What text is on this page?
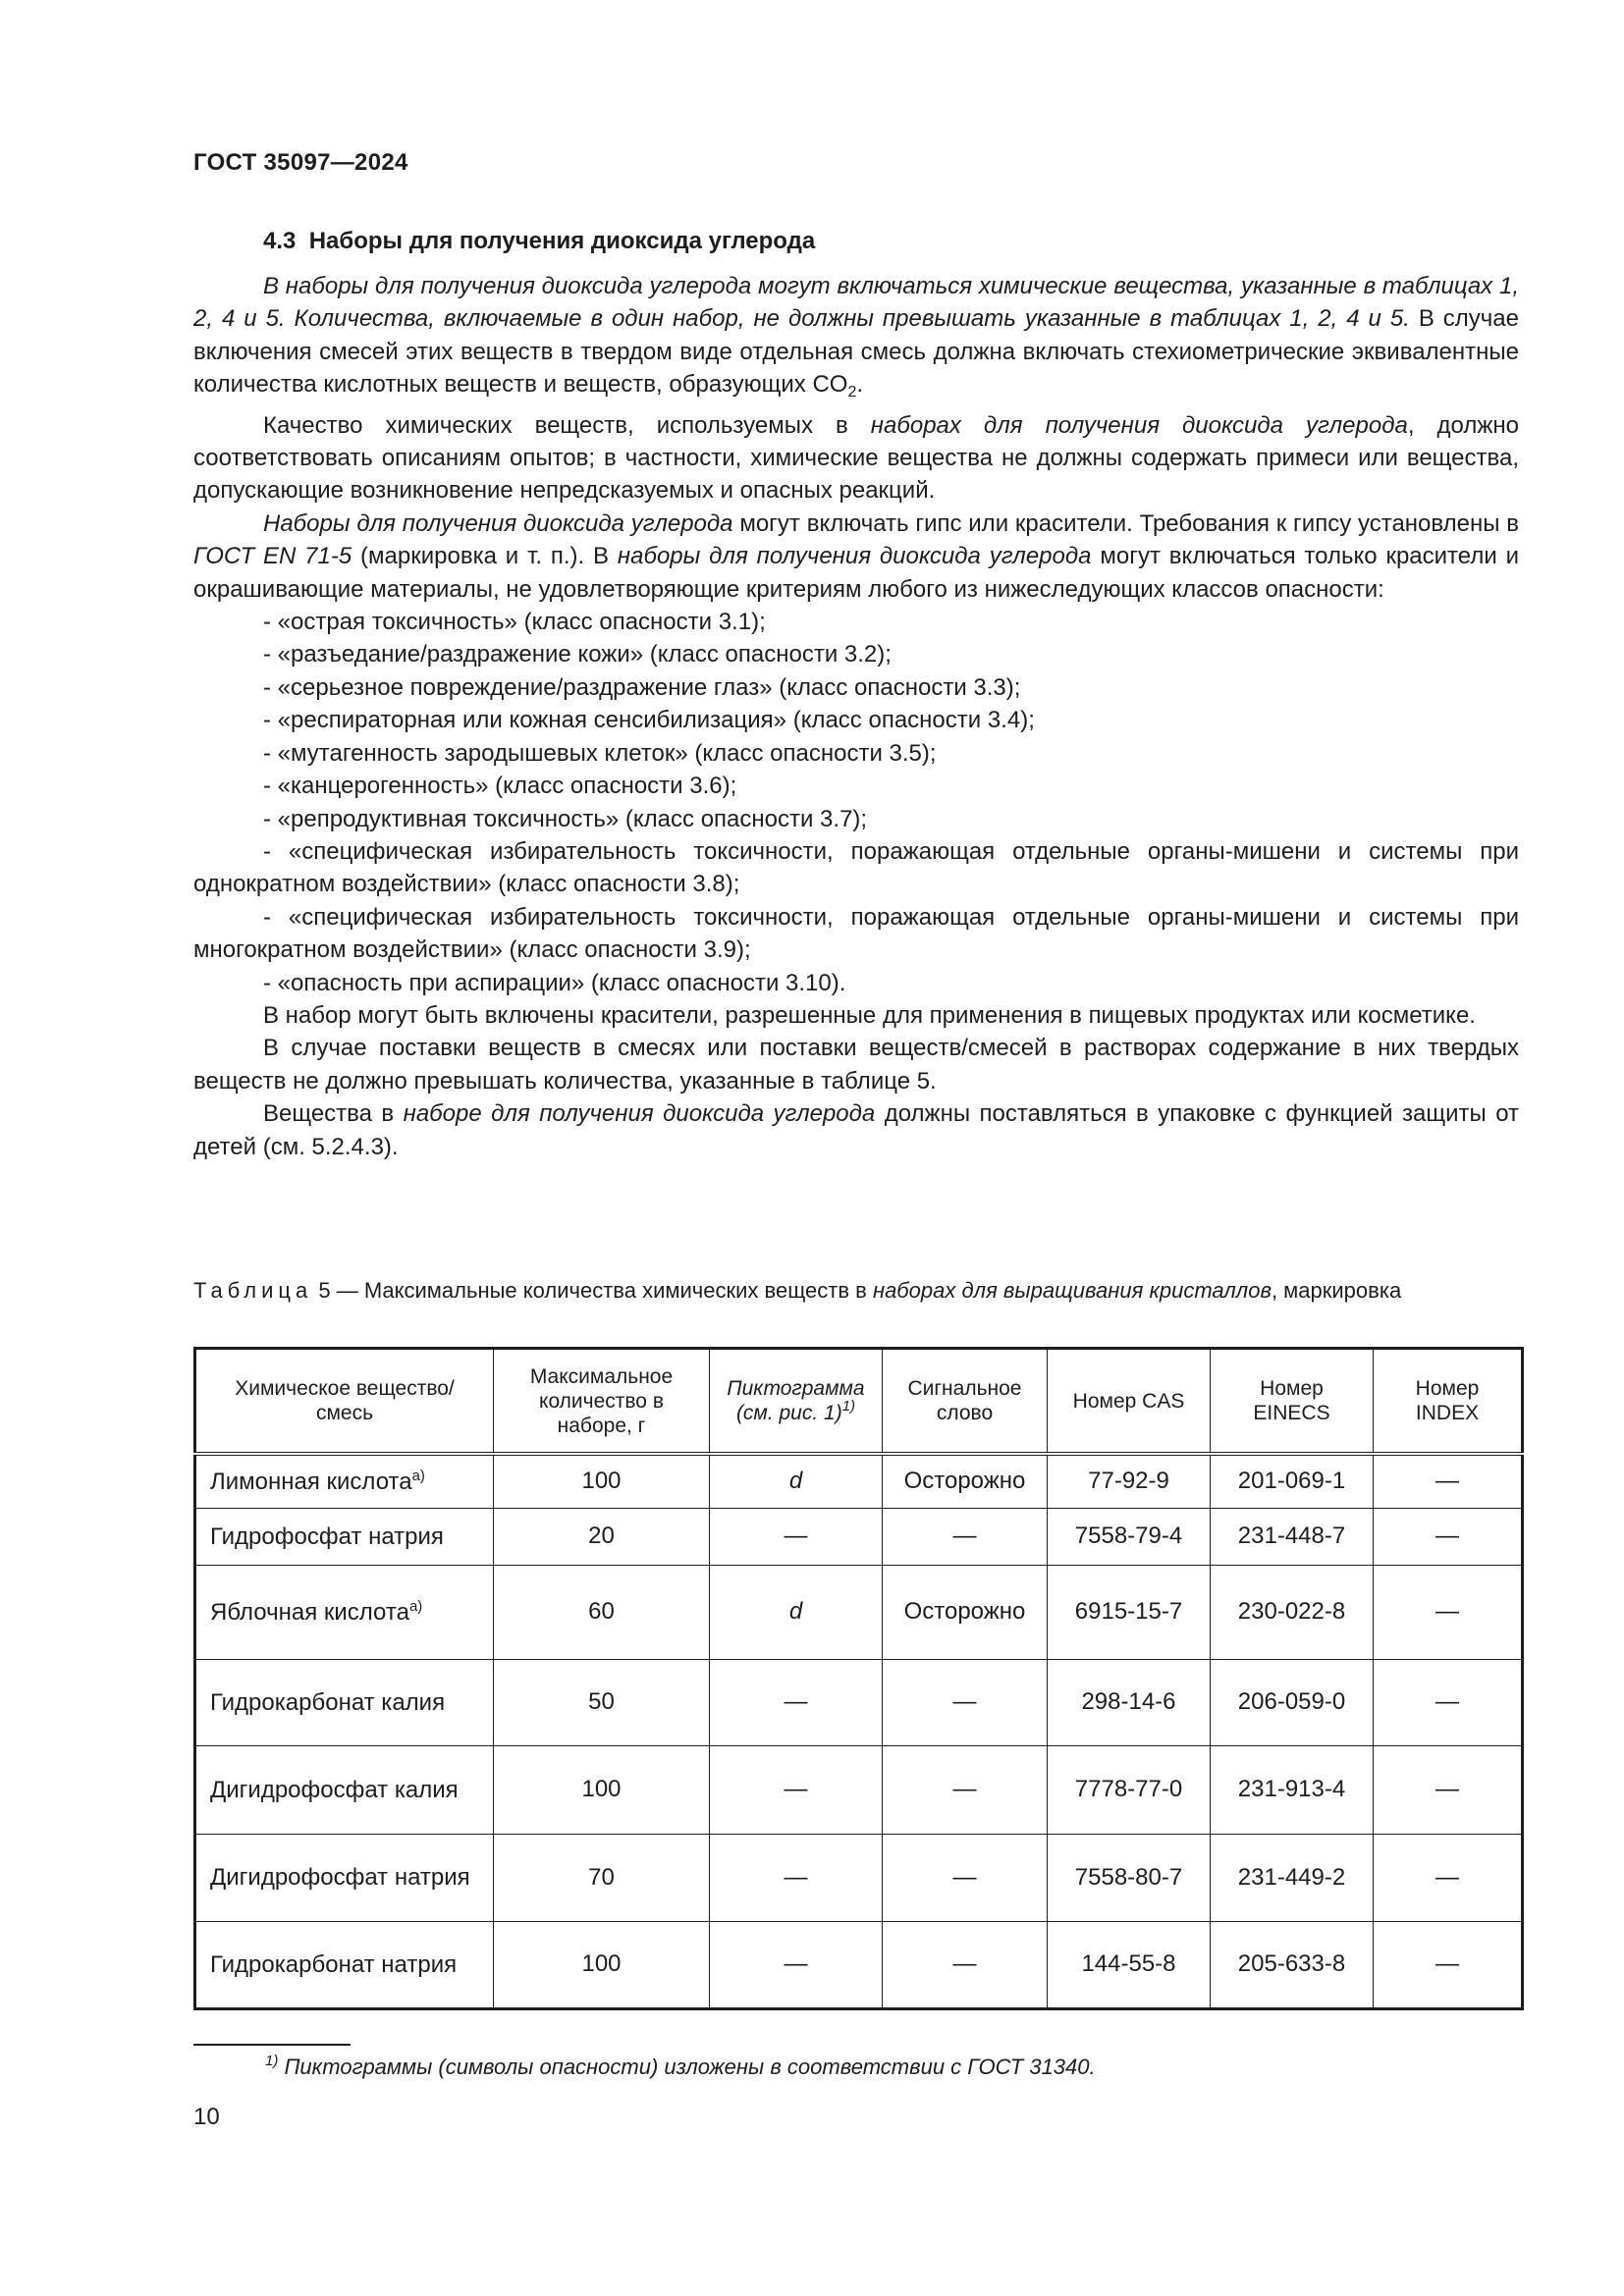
ГОСТ 35097—2024
4.3 Наборы для получения диоксида углерода

В наборы для получения диоксида углерода могут включаться химические вещества, указанные в таблицах 1, 2, 4 и 5. Количества, включаемые в один набор, не должны превышать указанные в таблицах 1, 2, 4 и 5. В случае включения смесей этих веществ в твердом виде отдельная смесь должна включать стехиометрические эквивалентные количества кислотных веществ и веществ, образующих $CO_2$.

Качество химических веществ, используемых в наборах для получения диоксида углерода, должно соответствовать описаниям опытов; в частности, химические вещества не должны содержать примеси или вещества, допускающие возникновение непредсказуемых и опасных реакций.

Наборы для получения диоксида углерода могут включать гипс или красители. Требования к гипсу установлены в ГОСТ EN 71-5 (маркировка и т. п.). В наборы для получения диоксида углерода могут включаться только красители и окрашивающие материалы, не удовлетворяющие критериям любого из нижеследующих классов опасности:

- «острая токсичность» (класс опасности 3.1);

- «разъедание/раздражение кожи» (класс опасности 3.2);

- «серьезное повреждение/раздражение глаз» (класс опасности 3.3);

- «респираторная или кожная сенсибилизация» (класс опасности 3.4);

- «мутагенность зародышевых клеток» (класс опасности 3.5);

- «канцерогенность» (класс опасности 3.6);

- «репродуктивная токсичность» (класс опасности 3.7);

- «специфическая избирательность токсичности, поражающая отдельные органы-мишени и системы при однократном воздействии» (класс опасности 3.8);

- «специфическая избирательность токсичности, поражающая отдельные органы-мишени и системы при многократном воздействии» (класс опасности 3.9);

- «опасность при аспирации» (класс опасности 3.10).

В набор могут быть включены красители, разрешенные для применения в пищевых продуктах или косметике.

В случае поставки веществ в смесях или поставки веществ/смесей в растворах содержание в них твердых веществ не должно превышать количества, указанные в таблице 5.

Вещества в наборе для получения диоксида углерода должны поставляться в упаковке с функцией защиты от детей (см. 5.2.4.3).

Таблица 5 — Максимальные количества химических веществ в наборах для выращивания кристаллов, маркировка
Химическое вещество/ смесь	Максимальное количество в наборе, г	Пиктограмма (см. рис. 1)$^{1)}$	Сигнальное слово	Номер CAS	Номер EINECS	Номер INDEX
Лимонная кислота$^{a)}$	100	d	Осторожно	77-92-9	201-069-1	—
Гидрофосфат натрия	20	—	—	7558-79-4	231-448-7	—
Яблочная кислота$^{a)}$	60	d	Осторожно	6915-15-7	230-022-8	—
Гидрокарбонат калия	50	—	—	298-14-6	206-059-0	—
Дигидрофосфат калия	100	—	—	7778-77-0	231-913-4	—
Дигидрофосфат натрия	70	—	—	7558-80-7	231-449-2	—
Гидрокарбонат натрия	100	—	—	144-55-8	205-633-8	—
$^{1)}$ Пиктограммы (символы опасности) изложены в соответствии с ГОСТ 31340.
10
